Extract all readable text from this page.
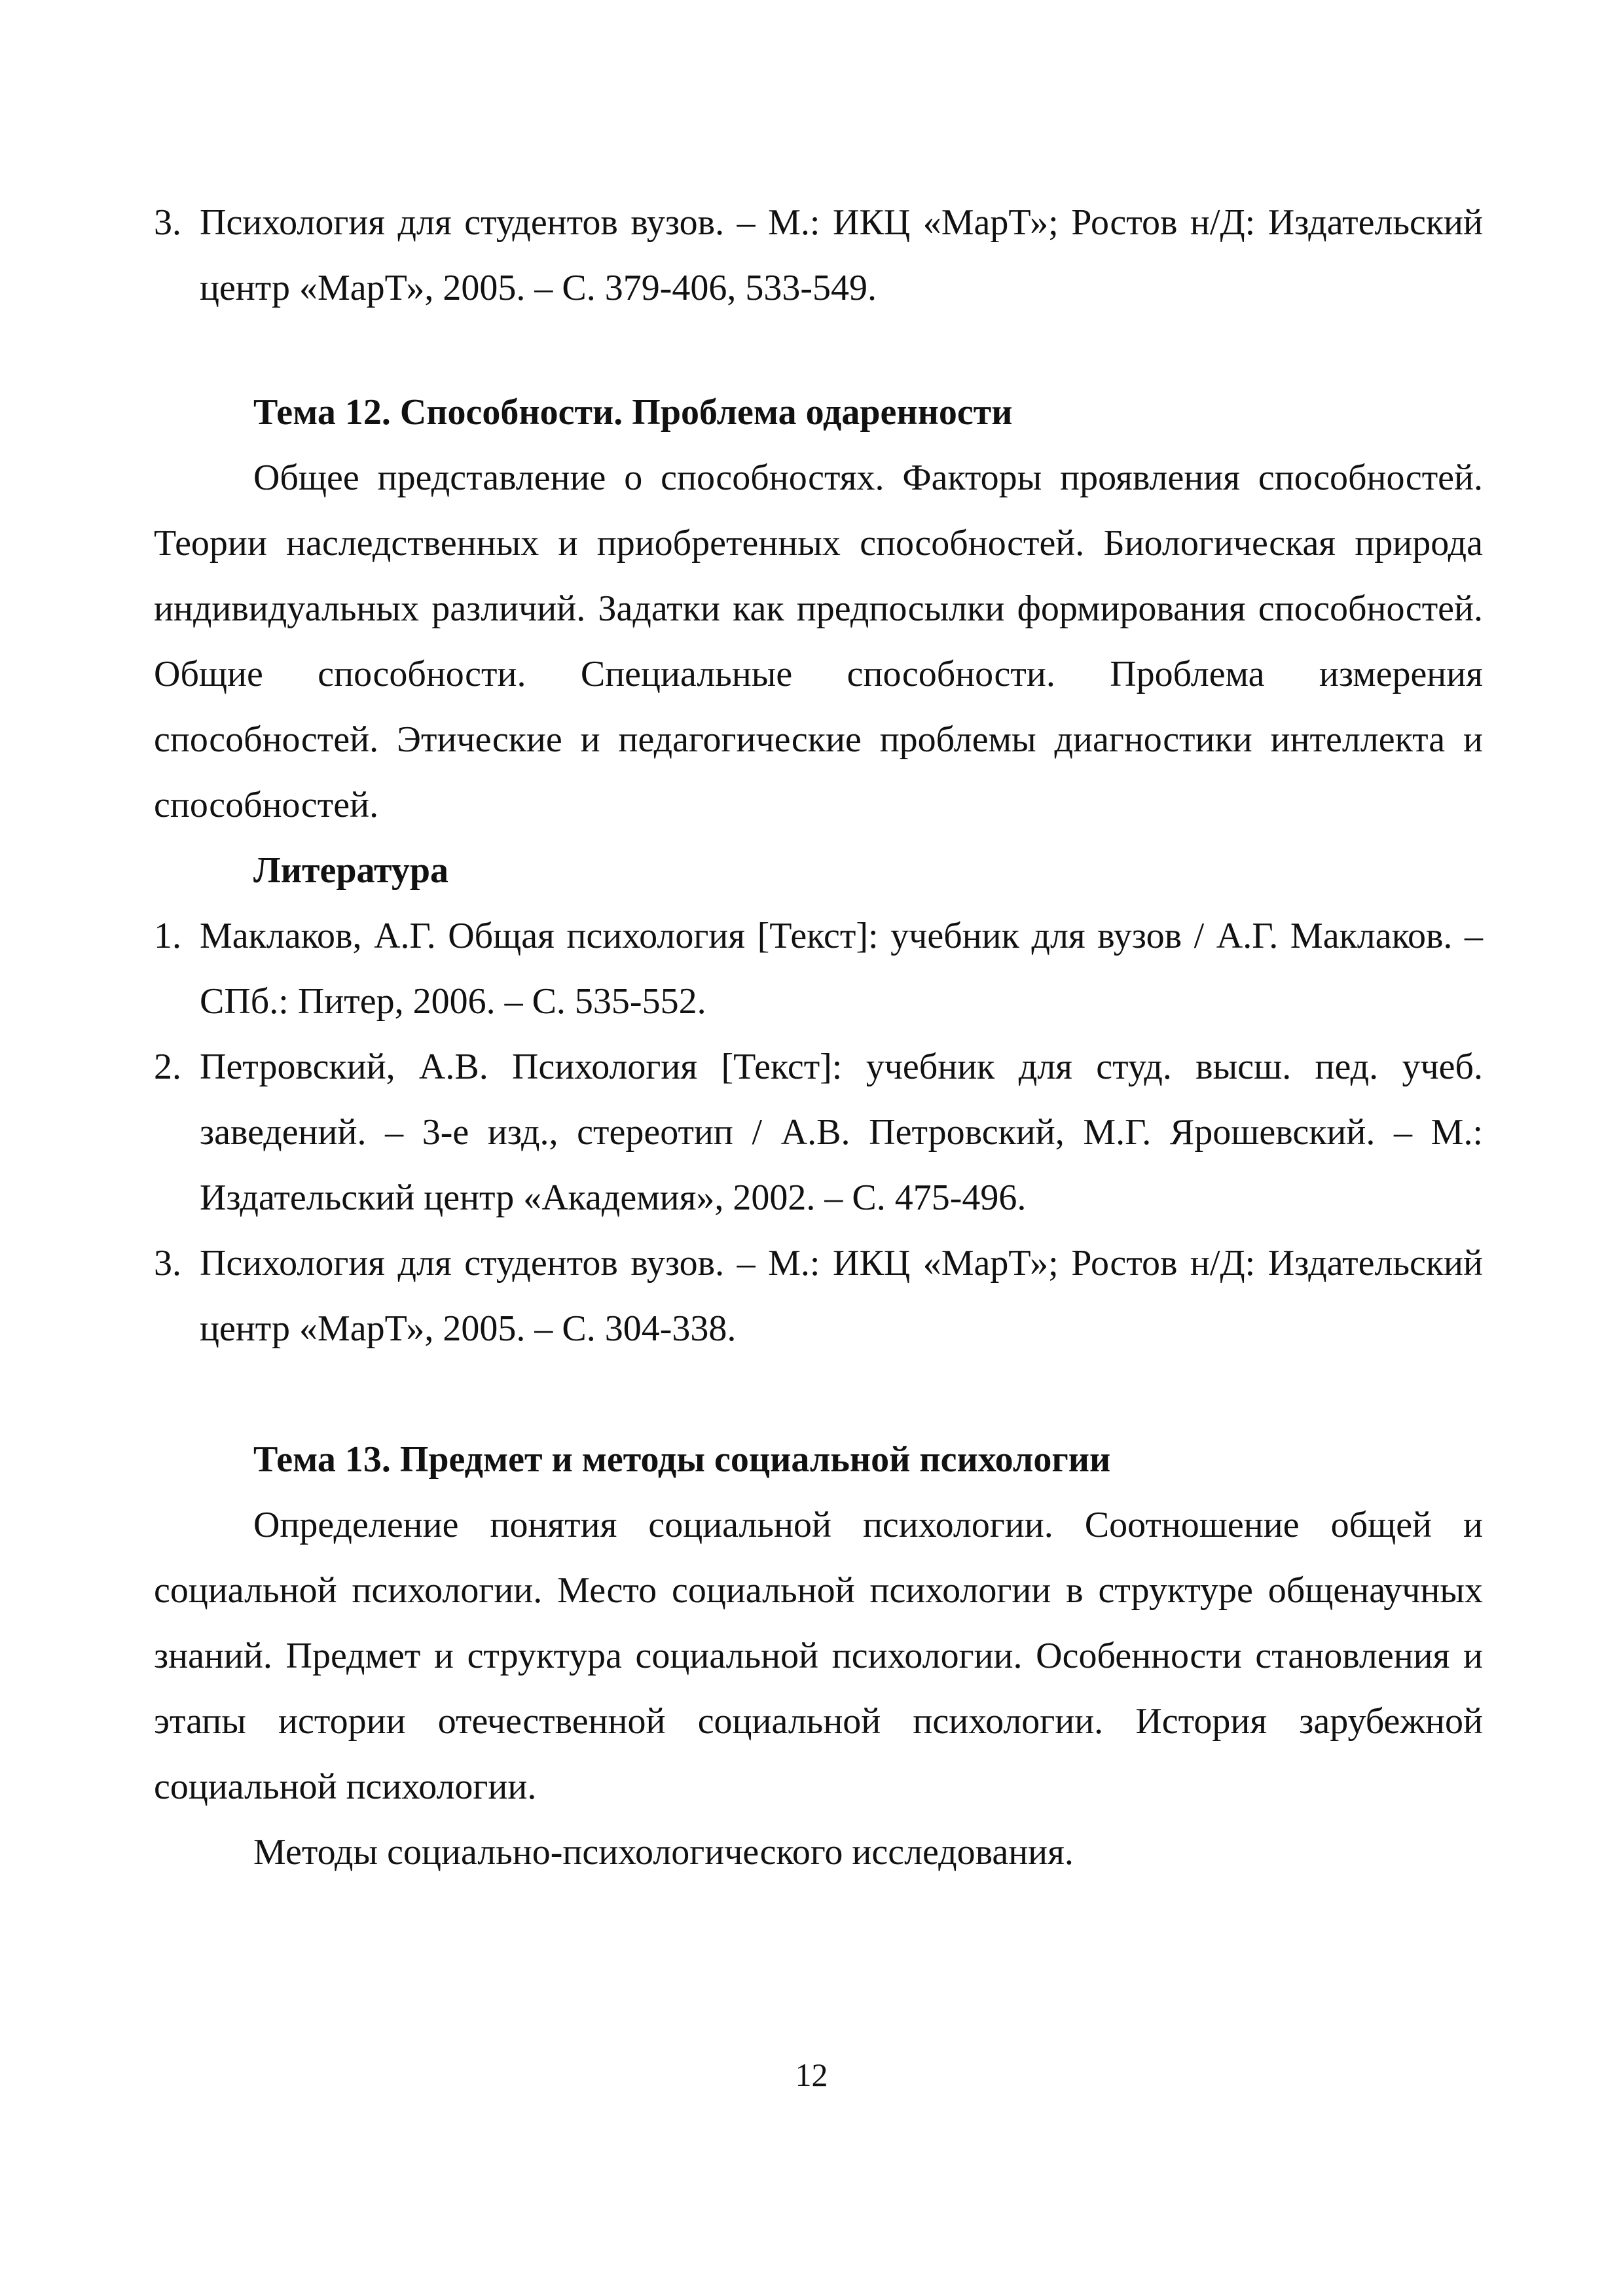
3. Психология для студентов вузов. – М.: ИКЦ «МарТ»; Ростов н/Д: Издательский центр «МарТ», 2005. – С. 379-406, 533-549.
Тема 12. Способности. Проблема одаренности
Общее представление о способностях. Факторы проявления способностей. Теории наследственных и приобретенных способностей. Биологическая природа индивидуальных различий. Задатки как предпосылки формирования способностей. Общие способности. Специальные способности. Проблема измерения способностей. Этические и педагогические проблемы диагностики интеллекта и способностей.
Литература
1. Маклаков, А.Г. Общая психология [Текст]: учебник для вузов / А.Г. Маклаков. – СПб.: Питер, 2006. – С. 535-552.
2. Петровский, А.В. Психология [Текст]: учебник для студ. высш. пед. учеб. заведений. – 3-е изд., стереотип / А.В. Петровский, М.Г. Ярошевский. – М.: Издательский центр «Академия», 2002. – С. 475-496.
3. Психология для студентов вузов. – М.: ИКЦ «МарТ»; Ростов н/Д: Издательский центр «МарТ», 2005. – С. 304-338.
Тема 13. Предмет и методы социальной психологии
Определение понятия социальной психологии. Соотношение общей и социальной психологии. Место социальной психологии в структуре общенаучных знаний. Предмет и структура социальной психологии. Особенности становления и этапы истории отечественной социальной психологии. История зарубежной социальной психологии.
Методы социально-психологического исследования.
12
